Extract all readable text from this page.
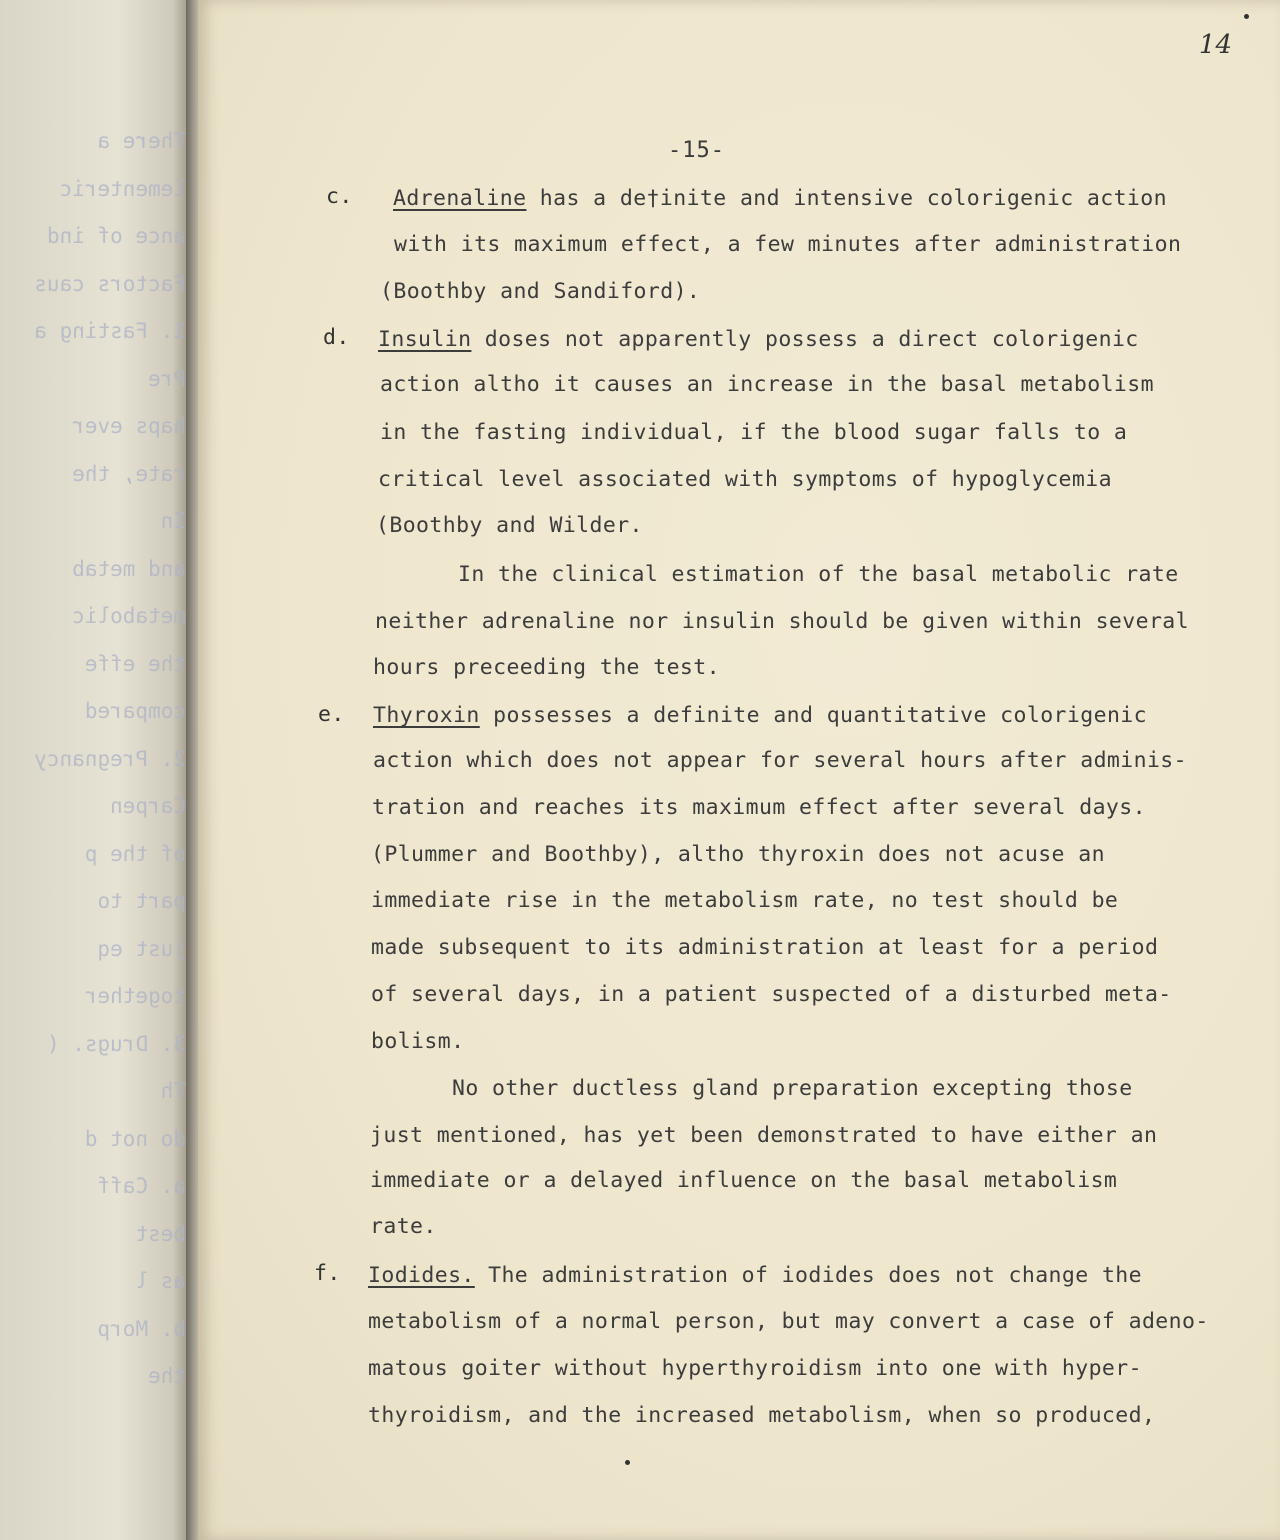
There a
lementeric
ance of ind
Factors caus
1. Fasting a
Pre
haps ever
rate, the
In
and metab
metabolic
the effe
compared
2. Pregnancy
Carpen
of the p
part to
just eq
together
3. Drugs. (
Th
do not d
a. Caff
best
as l
b. Morp
the
14
-15-
c. Adrenaline has a de†inite and intensive colorigenic action
with its maximum effect, a few minutes after administration
(Boothby and Sandiford).
d. Insulin doses not apparently possess a direct colorigenic
action altho it causes an increase in the basal metabolism
in the fasting individual, if the blood sugar falls to a
critical level associated with symptoms of hypoglycemia
(Boothby and Wilder.
In the clinical estimation of the basal metabolic rate
neither adrenaline nor insulin should be given within several
hours preceeding the test.
e. Thyroxin possesses a definite and quantitative colorigenic
action which does not appear for several hours after adminis-
tration and reaches its maximum effect after several days.
(Plummer and Boothby), altho thyroxin does not acuse an
immediate rise in the metabolism rate, no test should be
made subsequent to its administration at least for a period
of several days, in a patient suspected of a disturbed meta-
bolism.
No other ductless gland preparation excepting those
just mentioned, has yet been demonstrated to have either an
immediate or a delayed influence on the basal metabolism
rate.
f. Iodides. The administration of iodides does not change the
metabolism of a normal person, but may convert a case of adeno-
matous goiter without hyperthyroidism into one with hyper-
thyroidism, and the increased metabolism, when so produced,
